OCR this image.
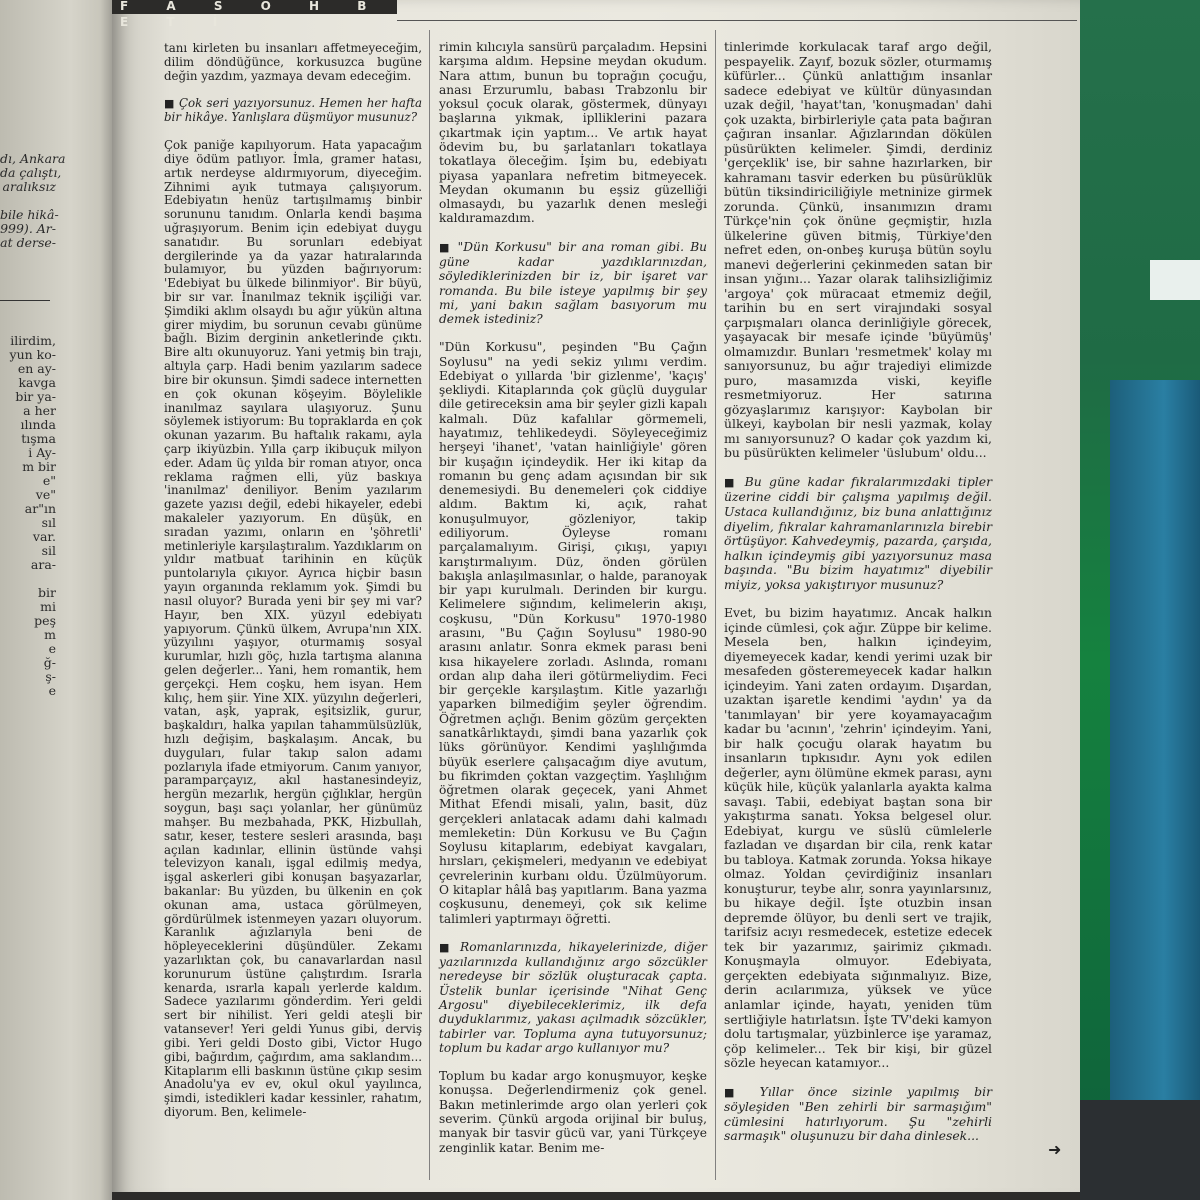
dı, Ankara
da çalıştı,
aralıksız

bile hikâ-
999). Ar-
at derse-
ilirdim,
yun ko-
en ay-
kavga
bir ya-
a her
ılında
tışma
i Ay-
m bir
e"
ve"
ar"ın
sıl
var.
sil
ara-

bir
mi
peş
m
e
ğ-
ş-
e
F A S O H B E T İ

tanı kirleten bu insanları affetmeyeceğim, dilim döndüğünce, korkusuzca bugüne değin yazdım, yazmaya devam edeceğim.

■ Çok seri yazıyorsunuz. Hemen her hafta bir hikâye. Yanlışlara düşmüyor musunuz?

Çok paniğe kapılıyorum. Hata yapacağım diye ödüm patlıyor. İmla, gramer hatası, artık nerdeyse aldırmıyorum, diyeceğim. Zihnimi ayık tutmaya çalışıyorum. Edebiyatın henüz tartışılmamış binbir sorununu tanıdım. Onlarla kendi başıma uğraşıyorum. Benim için edebiyat duygu sanatıdır. Bu sorunları edebiyat dergilerinde ya da yazar hatıralarında bulamıyor, bu yüzden bağırıyorum: 'Edebiyat bu ülkede bilinmiyor'. Bir büyü, bir sır var. İnanılmaz teknik işçiliği var. Şimdiki aklım olsaydı bu ağır yükün altına girer miydim, bu sorunun cevabı günüme bağlı. Bizim derginin anketlerinde çıktı. Bire altı okunuyoruz. Yani yetmiş bin trajı, altıyla çarp. Hadi benim yazılarım sadece bire bir okunsun. Şimdi sadece internetten en çok okunan köşeyim. Böylelikle inanılmaz sayılara ulaşıyoruz. Şunu söylemek istiyorum: Bu topraklarda en çok okunan yazarım. Bu haftalık rakamı, ayla çarp ikiyüzbin. Yılla çarp ikibuçuk milyon eder. Adam üç yılda bir roman atıyor, onca reklama rağmen elli, yüz baskıya 'inanılmaz' deniliyor. Benim yazılarım gazete yazısı değil, edebi hikayeler, edebi makaleler yazıyorum. En düşük, en sıradan yazımı, onların en 'şöhretli' metinleriyle karşılaştıralım. Yazdıklarım on yıldır matbuat tarihinin en küçük puntolarıyla çıkıyor. Ayrıca hiçbir basın yayın organında reklamım yok. Şimdi bu nasıl oluyor? Burada yeni bir şey mi var? Hayır, ben XIX. yüzyıl edebiyatı yapıyorum. Çünkü ülkem, Avrupa'nın XIX. yüzyılını yaşıyor, oturmamış sosyal kurumlar, hızlı göç, hızla tartışma alanına gelen değerler... Yani, hem romantik, hem gerçekçi. Hem coşku, hem isyan. Hem kılıç, hem şiir. Yine XIX. yüzyılın değerleri, vatan, aşk, yaprak, eşitsizlik, gurur, başkaldırı, halka yapılan tahammülsüzlük, hızlı değişim, başkalaşım. Ancak, bu duyguları, fular takıp salon adamı pozlarıyla ifade etmiyorum. Canım yanıyor, paramparçayız, akıl hastanesindeyiz, hergün mezarlık, hergün çığlıklar, hergün soygun, başı saçı yolanlar, her günümüz mahşer. Bu mezbahada, PKK, Hizbullah, satır, keser, testere sesleri arasında, başı açılan kadınlar, ellinin üstünde vahşi televizyon kanalı, işgal edilmiş medya, işgal askerleri gibi konuşan başyazarlar, bakanlar: Bu yüzden, bu ülkenin en çok okunan ama, ustaca görülmeyen, gördürülmek istenmeyen yazarı oluyorum. Karanlık ağızlarıyla beni de höpleyeceklerini düşündüler. Zekamı yazarlıktan çok, bu canavarlardan nasıl korunurum üstüne çalıştırdım. Israrla kenarda, ısrarla kapalı yerlerde kaldım. Sadece yazılarımı gönderdim. Yeri geldi sert bir nihilist. Yeri geldi ateşli bir vatansever! Yeri geldi Yunus gibi, derviş gibi. Yeri geldi Dosto gibi, Victor Hugo gibi, bağırdım, çağırdım, ama saklandım... Kitaplarım elli baskının üstüne çıkıp sesim Anadolu'ya ev ev, okul okul yayılınca, şimdi, istedikleri kadar kessinler, rahatım, diyorum. Ben, kelimele-

rimin kılıcıyla sansürü parçaladım. Hepsini karşıma aldım. Hepsine meydan okudum. Nara attım, bunun bu toprağın çocuğu, anası Erzurumlu, babası Trabzonlu bir yoksul çocuk olarak, göstermek, dünyayı başlarına yıkmak, iplliklerini pazara çıkartmak için yaptım... Ve artık hayat ödevim bu, bu şarlatanları tokatlaya tokatlaya öleceğim. İşim bu, edebiyatı piyasa yapanlara nefretim bitmeyecek. Meydan okumanın bu eşsiz güzelliği olmasaydı, bu yazarlık denen mesleği kaldıramazdım.

■ "Dün Korkusu" bir ana roman gibi. Bu güne kadar yazdıklarınızdan, söylediklerinizden bir iz, bir işaret var romanda. Bu bile isteye yapılmış bir şey mi, yani bakın sağlam basıyorum mu demek istediniz?

"Dün Korkusu", peşinden "Bu Çağın Soylusu" na yedi sekiz yılımı verdim. Edebiyat o yıllarda 'bir gizlenme', 'kaçış' şekliydi. Kitaplarında çok güçlü duygular dile getireceksin ama bir şeyler gizli kapalı kalmalı. Düz kafalılar görmemeli, hayatımız, tehlikedeydi. Söyleyeceğimiz herşeyi 'ihanet', 'vatan hainliğiyle' gören bir kuşağın içindeydik. Her iki kitap da romanın bu genç adam açısından bir sık denemesiydi. Bu denemeleri çok ciddiye aldım. Baktım ki, açık, rahat konuşulmuyor, gözleniyor, takip ediliyorum. Öyleyse romanı parçalamalıyım. Girişi, çıkışı, yapıyı karıştırmalıyım. Düz, önden görülen bakışla anlaşılmasınlar, o halde, paranoyak bir yapı kurulmalı. Derinden bir kurgu. Kelimelere sığındım, kelimelerin akışı, coşkusu, "Dün Korkusu" 1970-1980 arasını, "Bu Çağın Soylusu" 1980-90 arasını anlatır. Sonra ekmek parası beni kısa hikayelere zorladı. Aslında, romanı ordan alıp daha ileri götürmeliydim. Feci bir gerçekle karşılaştım. Kitle yazarlığı yaparken bilmediğim şeyler öğrendim. Öğretmen açlığı. Benim gözüm gerçekten sanatkârlıktaydı, şimdi bana yazarlık çok lüks görünüyor. Kendimi yaşlılığımda büyük eserlere çalışacağım diye avutum, bu fikrimden çoktan vazgeçtim. Yaşlılığım öğretmen olarak geçecek, yani Ahmet Mithat Efendi misali, yalın, basit, düz gerçekleri anlatacak adamı dahi kalmadı memleketin: Dün Korkusu ve Bu Çağın Soylusu kitaplarım, edebiyat kavgaları, hırsları, çekişmeleri, medyanın ve edebiyat çevrelerinin kurbanı oldu. Üzülmüyorum. O kitaplar hâlâ baş yapıtlarım. Bana yazma coşkusunu, denemeyi, çok sık kelime talimleri yaptırmayı öğretti.

■ Romanlarınızda, hikayelerinizde, diğer yazılarınızda kullandığınız argo sözcükler neredeyse bir sözlük oluşturacak çapta. Üstelik bunlar içerisinde "Nihat Genç Argosu" diyebileceklerimiz, ilk defa duyduklarımız, yakası açılmadık sözcükler, tabirler var. Topluma ayna tutuyorsunuz; toplum bu kadar argo kullanıyor mu?

Toplum bu kadar argo konuşmuyor, keşke konuşsa. Değerlendirmeniz çok genel. Bakın metinlerimde argo olan yerleri çok severim. Çünkü argoda orijinal bir buluş, manyak bir tasvir gücü var, yani Türkçeye zenginlik katar. Benim me-

tinlerimde korkulacak taraf argo değil, pespayelik. Zayıf, bozuk sözler, oturmamış küfürler... Çünkü anlattığım insanlar sadece edebiyat ve kültür dünyasından uzak değil, 'hayat'tan, 'konuşmadan' dahi çok uzakta, birbirleriyle çata pata bağıran çağıran insanlar. Ağızlarından dökülen püsürükten kelimeler. Şimdi, derdiniz 'gerçeklik' ise, bir sahne hazırlarken, bir kahramanı tasvir ederken bu püsürüklük bütün tiksindiriciliğiyle metninize girmek zorunda. Çünkü, insanımızın dramı Türkçe'nin çok önüne geçmiştir, hızla ülkelerine güven bitmiş, Türkiye'den nefret eden, on-onbeş kuruşa bütün soylu manevi değerlerini çekinmeden satan bir insan yığını... Yazar olarak talihsizliğimiz 'argoya' çok müracaat etmemiz değil, tarihin bu en sert virajındaki sosyal çarpışmaları olanca derinliğiyle görecek, yaşayacak bir mesafe içinde 'büyümüş' olmamızdır. Bunları 'resmetmek' kolay mı sanıyorsunuz, bu ağır trajediyi elimizde puro, masamızda viski, keyifle resmetmiyoruz. Her satırına gözyaşlarımız karışıyor: Kaybolan bir ülkeyi, kaybolan bir nesli yazmak, kolay mı sanıyorsunuz? O kadar çok yazdım ki, bu püsürükten kelimeler 'üslubum' oldu...

■ Bu güne kadar fıkralarımızdaki tipler üzerine ciddi bir çalışma yapılmış değil. Ustaca kullandığınız, biz buna anlattığınız diyelim, fıkralar kahramanlarınızla birebir örtüşüyor. Kahvedeymiş, pazarda, çarşıda, halkın içindeymiş gibi yazıyorsunuz masa başında. "Bu bizim hayatımız" diyebilir miyiz, yoksa yakıştırıyor musunuz?

Evet, bu bizim hayatımız. Ancak halkın içinde cümlesi, çok ağır. Züppe bir kelime. Mesela ben, halkın içindeyim, diyemeyecek kadar, kendi yerimi uzak bir mesafeden gösteremeyecek kadar halkın içindeyim. Yani zaten ordayım. Dışardan, uzaktan işaretle kendimi 'aydın' ya da 'tanımlayan' bir yere koyamayacağım kadar bu 'acının', 'zehrin' içindeyim. Yani, bir halk çocuğu olarak hayatım bu insanların tıpkısıdır. Aynı yok edilen değerler, aynı ölümüne ekmek parası, aynı küçük hile, küçük yalanlarla ayakta kalma savaşı. Tabii, edebiyat baştan sona bir yakıştırma sanatı. Yoksa belgesel olur. Edebiyat, kurgu ve süslü cümlelerle fazladan ve dışardan bir cila, renk katar bu tabloya. Katmak zorunda. Yoksa hikaye olmaz. Yoldan çevirdiğiniz insanları konuşturur, teybe alır, sonra yayınlarsınız, bu hikaye değil. İşte otuzbin insan depremde ölüyor, bu denli sert ve trajik, tarifsiz acıyı resmedecek, estetize edecek tek bir yazarımız, şairimiz çıkmadı. Konuşmayla olmuyor. Edebiyata, gerçekten edebiyata sığınmalıyız. Bize, derin acılarımıza, yüksek ve yüce anlamlar içinde, hayatı, yeniden tüm sertliğiyle hatırlatsın. İşte TV'deki kamyon dolu tartışmalar, yüzbinlerce işe yaramaz, çöp kelimeler... Tek bir kişi, bir güzel sözle heyecan katamıyor...

■ Yıllar önce sizinle yapılmış bir söyleşiden "Ben zehirli bir sarmaşığım" cümlesini hatırlıyorum. Şu "zehirli sarmaşık" oluşunuzu bir daha dinlesek...

➜
